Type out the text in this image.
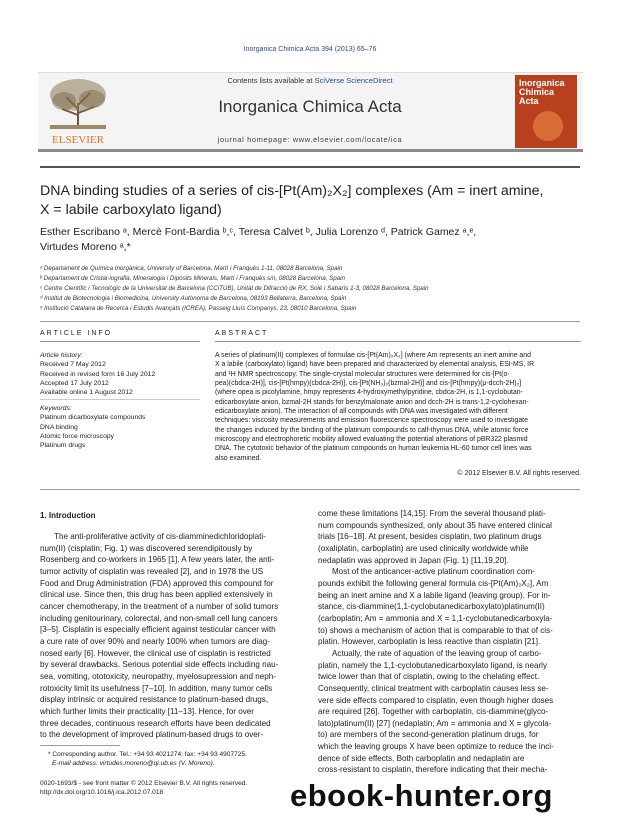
Inorganica Chimica Acta 394 (2013) 65–76
ELSEVIER
Contents lists available at SciVerse ScienceDirect
Inorganica Chimica Acta
journal homepage: www.elsevier.com/locate/ica
Inorganica Chimica Acta
DNA binding studies of a series of cis-[Pt(Am)₂X₂] complexes (Am = inert amine,
X = labile carboxylato ligand)
Esther Escribano ᵃ, Mercè Font-Bardia ᵇ,ᶜ, Teresa Calvet ᵇ, Julia Lorenzo ᵈ, Patrick Gamez ᵃ,ᵉ,
Virtudes Moreno ᵃ,*
ᵃ Departament de Química Inorgànica, University of Barcelona, Martí i Franquès 1-11, 08028 Barcelona, Spain
ᵇ Departament de Cristal·lografia, Mineralogia i Dipòsits Minerals, Martí i Franquès s/n, 08028 Barcelona, Spain
ᶜ Centre Científic i Tecnològic de la Universitat de Barcelona (CCiTUB), Unitat de Difracció de RX, Solé i Sabarís 1-3, 08028 Barcelona, Spain
ᵈ Institut de Biotecnologia i Biomedicina, University Autònoma de Barcelona, 08193 Bellaterra, Barcelona, Spain
ᵉ Institució Catalana de Recerca i Estudis Avançats (ICREA), Passeig Lluís Companys, 23, 08010 Barcelona, Spain
ARTICLE INFO	ABSTRACT
Article history:
Received 7 May 2012
Received in revised form 16 July 2012
Accepted 17 July 2012
Available online 1 August 2012
Keywords:
Platinum dicarboxylate compounds
DNA binding
Atomic force microscopy
Platinum drugs
A series of platinum(II) complexes of formulae cis-[Pt(Am)₂X₂] (where Am represents an inert amine and
X a labile (carboxylato) ligand) have been prepared and characterized by elemental analysis, ESI-MS, IR
and ¹H NMR spectroscopy. The single-crystal molecular structures were determined for cis-[Pt(o-
pea)(cbdca-2H)], cis-[Pt(hmpy)(cbdca-2H)], cis-[Pt(NH₃)₂(bzmal-2H)] and cis-[Pt(hmpy)(μ-dcch-2H)₂]
(where opea is picolylamine, hmpy represents 4-hydroxymethylpyridine, cbdca-2H, is 1,1-cyclobutan-
edicarboxylate anion, bzmal-2H stands for benzylmalonate anion and dcch-2H is trans-1,2-cyclohexan-
edicarboxylate anion). The interaction of all compounds with DNA was investigated with different
techniques: viscosity measurements and emission fluorescence spectroscopy were used to investigate
the changes induced by the binding of the platinum compounds to calf-thymus DNA, while atomic force
microscopy and electrophoretic mobility allowed evaluating the potential alterations of pBR322 plasmid
DNA. The cytotoxic behavior of the platinum compounds on human leukemia HL-60 tumor cell lines was
also examined.
© 2012 Elsevier B.V. All rights reserved.
1. Introduction
The anti-proliferative activity of cis-diamminedichloridoplati-
num(II) (cisplatin; Fig. 1) was discovered serendipitously by
Rosenberg and co-workers in 1965 [1]. A few years later, the anti-
tumor activity of cisplatin was revealed [2], and in 1978 the US
Food and Drug Administration (FDA) approved this compound for
clinical use. Since then, this drug has been applied extensively in
cancer chemotherapy, in the treatment of a number of solid tumors
including genitourinary, colorectal, and non-small cell lung cancers
[3–5]. Cisplatin is especially efficient against testicular cancer with
a cure rate of over 90% and nearly 100% when tumors are diag-
nosed early [6]. However, the clinical use of cisplatin is restricted
by several drawbacks. Serious potential side effects including nau-
sea, vomiting, ototoxicity, neuropathy, myelosupression and neph-
rotoxicity limit its usefulness [7–10]. In addition, many tumor cells
display intrinsic or acquired resistance to platinum-based drugs,
which further limits their practicality [11–13]. Hence, for over
three decades, continuous research efforts have been dedicated
to the development of improved platinum-based drugs to over-
come these limitations [14,15]. From the several thousand plati-
num compounds synthesized, only about 35 have entered clinical
trials [16–18]. At present, besides cisplatin, two platinum drugs
(oxaliplatin, carboplatin) are used clinically worldwide while
nedaplatin was approved in Japan (Fig. 1) [11,19,20].
Most of the anticancer-active platinum coordination com-
pounds exhibit the following general formula cis-[Pt(Am)₂X₂], Am
being an inert amine and X a labile ligand (leaving group). For in-
stance, cis-diammine(1,1-cyclobutanedicarboxylato)platinum(II)
(carboplatin; Am = ammonia and X = 1,1-cyclobutanedicarboxyla-
to) shows a mechanism of action that is comparable to that of cis-
platin. However, carboplatin is less reactive than cisplatin [21].
Actually, the rate of aquation of the leaving group of carbo-
platin, namely the 1,1-cyclobutanedicarboxylato ligand, is nearly
twice lower than that of cisplatin, owing to the chelating effect.
Consequently, clinical treatment with carboplatin causes less se-
vere side effects compared to cisplatin, even though higher doses
are required [26]. Together with carboplatin, cis-diammine(glyco-
lato)platinum(II) [27] (nedaplatin; Am = ammonia and X = glycola-
to) are members of the second-generation platinum drugs, for
which the leaving groups X have been optimize to reduce the inci-
dence of side effects. Both carboplatin and nedaplatin are
cross-resistant to cisplatin, therefore indicating that their mecha-
* Corresponding author. Tel.: +34 93 4021274; fax: +34 93 4907725.
E-mail address: virtudes.moreno@qi.ub.es (V. Moreno).
0020-1693/$ - see front matter © 2012 Elsevier B.V. All rights reserved.
http://dx.doi.org/10.1016/j.ica.2012.07.018	ebook-hunter.org
